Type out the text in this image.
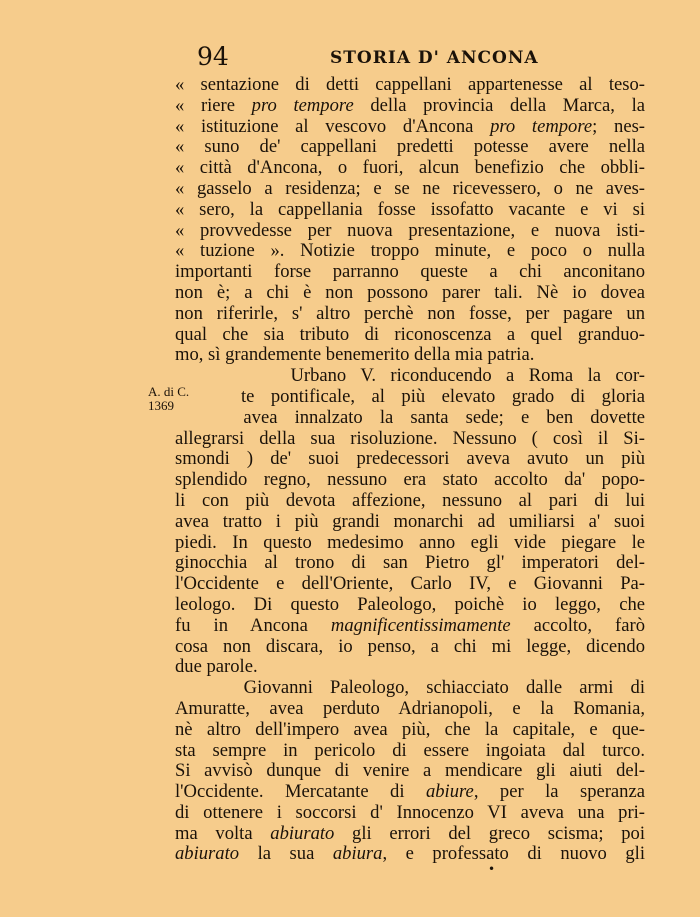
94	STORIA D' ANCONA
A. di C.
1369
« sentazione di detti cappellani appartenesse al teso-
« riere pro tempore della provincia della Marca, la
« istituzione al vescovo d'Ancona pro tempore; nes-
« suno de' cappellani predetti potesse avere nella
« città d'Ancona, o fuori, alcun benefizio che obbli-
« gasselo a residenza; e se ne ricevessero, o ne aves-
« sero, la cappellania fosse issofatto vacante e vi si
« provvedesse per nuova presentazione, e nuova isti-
« tuzione ». Notizie troppo minute, e poco o nulla
importanti forse parranno queste a chi anconitano
non è; a chi è non possono parer tali. Nè io dovea
non riferirle, s' altro perchè non fosse, per pagare un
qual che sia tributo di riconoscenza a quel granduo-
mo, sì grandemente benemerito della mia patria.
Urbano V. riconducendo a Roma la cor-
te pontificale, al più elevato grado di gloria
avea innalzato la santa sede; e ben dovette
allegrarsi della sua risoluzione. Nessuno ( così il Si-
smondi ) de' suoi predecessori aveva avuto un più
splendido regno, nessuno era stato accolto da' popo-
li con più devota affezione, nessuno al pari di lui
avea tratto i più grandi monarchi ad umiliarsi a' suoi
piedi. In questo medesimo anno egli vide piegare le
ginocchia al trono di san Pietro gl' imperatori del-
l'Occidente e dell'Oriente, Carlo IV, e Giovanni Pa-
leologo. Di questo Paleologo, poichè io leggo, che
fu in Ancona magnificentissimamente accolto, farò
cosa non discara, io penso, a chi mi legge, dicendo
due parole.
Giovanni Paleologo, schiacciato dalle armi di
Amuratte, avea perduto Adrianopoli, e la Romania,
nè altro dell'impero avea più, che la capitale, e que-
sta sempre in pericolo di essere ingoiata dal turco.
Si avvisò dunque di venire a mendicare gli aiuti del-
l'Occidente. Mercatante di abiure, per la speranza
di ottenere i soccorsi d' Innocenzo VI aveva una pri-
ma volta abiurato gli errori del greco scisma; poi
abiurato la sua abiura, e professato di nuovo gli
•
